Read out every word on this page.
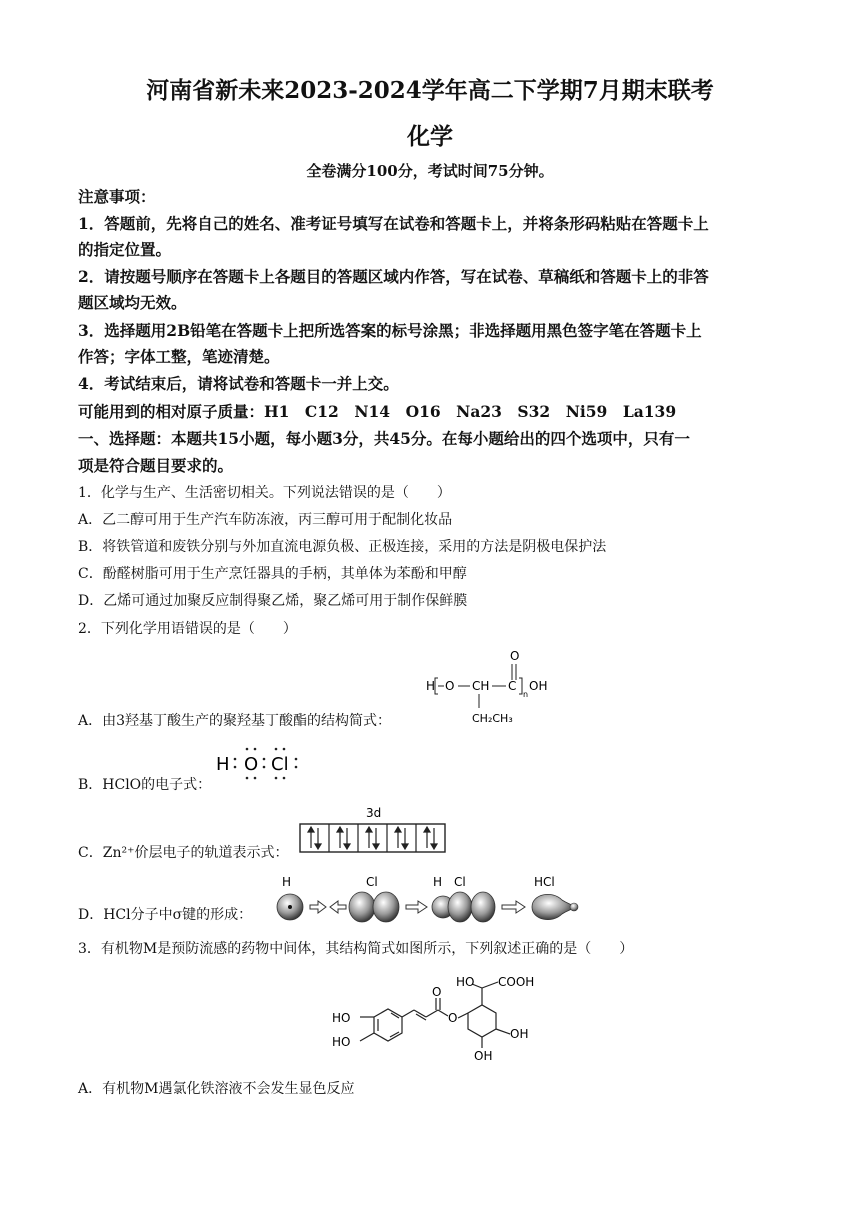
河南省新未来2023-2024学年高二下学期7月期末联考
化学
全卷满分100分，考试时间75分钟。
注意事项：
1．答题前，先将自己的姓名、准考证号填写在试卷和答题卡上，并将条形码粘贴在答题卡上
的指定位置。
2．请按题号顺序在答题卡上各题目的答题区域内作答，写在试卷、草稿纸和答题卡上的非答
题区域均无效。
3．选择题用2B铅笔在答题卡上把所选答案的标号涂黑；非选择题用黑色签字笔在答题卡上
作答；字体工整，笔迹清楚。
4．考试结束后，请将试卷和答题卡一并上交。
可能用到的相对原子质量：H1　C12　N14　O16　Na23　S32　Ni59　La139
一、选择题：本题共15小题，每小题3分，共45分。在每小题给出的四个选项中，只有一
项是符合题目要求的。
1．化学与生产、生活密切相关。下列说法错误的是（　　）
A．乙二醇可用于生产汽车防冻液，丙三醇可用于配制化妆品
B．将铁管道和废铁分别与外加直流电源负极、正极连接，采用的方法是阴极电保护法
C．酚醛树脂可用于生产烹饪器具的手柄，其单体为苯酚和甲醇
D．乙烯可通过加聚反应制得聚乙烯，聚乙烯可用于制作保鲜膜
2．下列化学用语错误的是（　　）
O
H O CH C
n
OH
CH₂CH₃
A．由3羟基丁酸生产的聚羟基丁酸酯的结构简式：
H O Cl
B．HClO的电子式：
3d
C．Zn²⁺价层电子的轨道表示式：
H	Cl	H Cl	HCl
D．HCl分子中σ键的形成：
3．有机物M是预防流感的药物中间体，其结构简式如图所示，下列叙述正确的是（　　）
HO COOH
O
O
HO
HO
OH
OH
A．有机物M遇氯化铁溶液不会发生显色反应
